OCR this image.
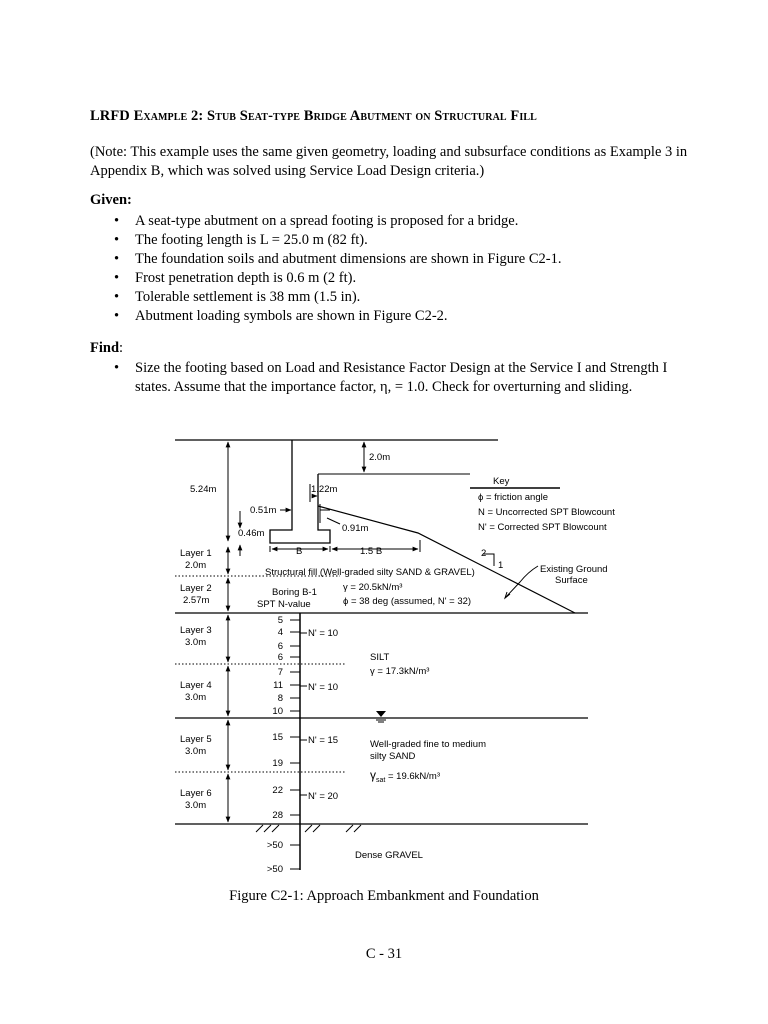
LRFD Example 2: Stub Seat-type Bridge Abutment on Structural Fill
(Note: This example uses the same given geometry, loading and subsurface conditions as Example 3 in Appendix B, which was solved using Service Load Design criteria.)
Given:
• A seat-type abutment on a spread footing is proposed for a bridge.
• The footing length is L = 25.0 m (82 ft).
• The foundation soils and abutment dimensions are shown in Figure C2-1.
• Frost penetration depth is 0.6 m (2 ft).
• Tolerable settlement is 38 mm (1.5 in).
• Abutment loading symbols are shown in Figure C2-2.
Find:
• Size the footing based on Load and Resistance Factor Design at the Service I and Strength I states. Assume that the importance factor, η, = 1.0. Check for overturning and sliding.
2.0m
5.24m	1.22m
0.51m
0.91m
0.46m
B	1.5 B	2
1
Key
ϕ = friction angle
N = Uncorrected SPT Blowcount
N' = Corrected SPT Blowcount
Existing Ground
Surface
Layer 1
2.0m
Layer 2
2.57m
Layer 3
3.0m
Layer 4
3.0m
Layer 5
3.0m
Layer 6
3.0m
Structural fill (Well-graded silty SAND & GRAVEL)
γ = 20.5kN/m³
ϕ = 38 deg (assumed, N' = 32)
Boring B-1
SPT N-value
5
4
6
6
7
11
8
10
15
19
22
28
>50
>50
N' = 10
N' = 10
N' = 15
N' = 20
SILT
γ = 17.3kN/m³
Well-graded fine to medium
silty SAND
$\gamma_{sat} = 19.6kN/m^3$
Dense GRAVEL
Figure C2-1: Approach Embankment and Foundation
C - 31
